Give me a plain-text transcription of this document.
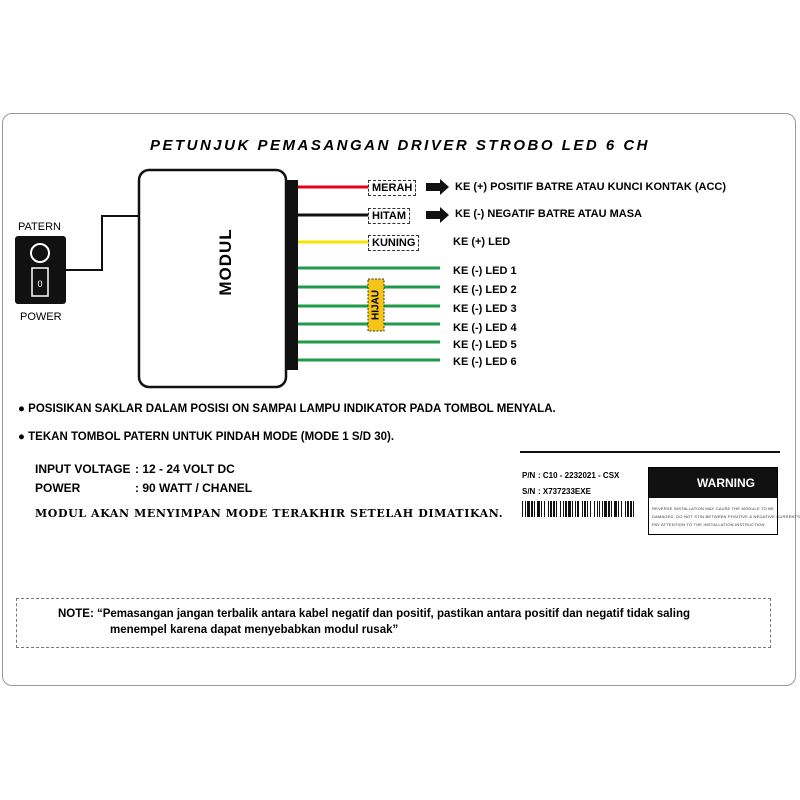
PETUNJUK PEMASANGAN DRIVER STROBO LED 6 CH
0	MODUL
PATERN
POWER
MERAH
HITAM
KUNING
KE (+) POSITIF BATRE ATAU KUNCI KONTAK (ACC)
KE (-) NEGATIF BATRE ATAU MASA
KE (+) LED
HIJAU
KE (-) LED 1
KE (-) LED 2
KE (-) LED 3
KE (-) LED 4
KE (-) LED 5
KE (-) LED 6
● POSISIKAN SAKLAR DALAM POSISI ON SAMPAI LAMPU INDIKATOR PADA TOMBOL MENYALA.
● TEKAN TOMBOL PATERN UNTUK PINDAH MODE (MODE 1 S/D 30).
INPUT VOLTAGE : 12 - 24 VOLT DC
POWER	: 90 WATT / CHANEL
MODUL AKAN MENYIMPAN MODE TERAKHIR SETELAH DIMATIKAN.
P/N : C10 - 2232021 - CSX
S/N : X737233EXE
WARNING
REVERSE INSTALLATION MAY CAUSE THE MODULE TO BE
DAMAGED, DO NOT STIN BETWEEN POSITIVE & NEGATIVE CURRENTS
PAY ATTENTION TO THE INSTALLATION INSTRUCTION
NOTE: “Pemasangan jangan terbalik antara kabel negatif dan positif, pastikan antara positif dan negatif tidak saling
menempel karena dapat menyebabkan modul rusak”
